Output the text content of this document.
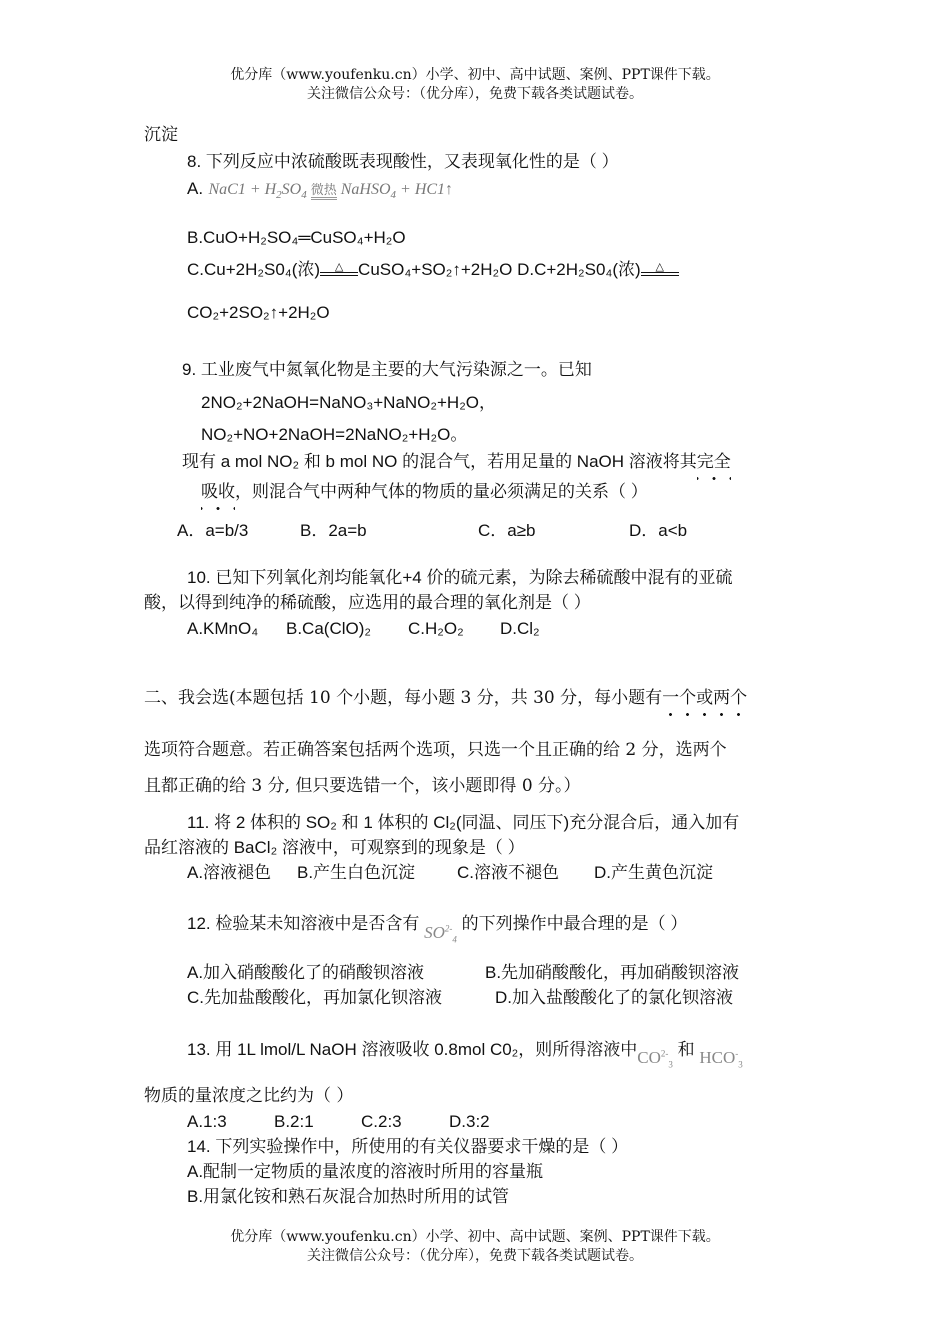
优分库（www.youfenku.cn）小学、初中、高中试题、案例、PPT课件下载。
关注微信公众号：（优分库），免费下载各类试题试卷。
沉淀
8. 下列反应中浓硫酸既表现酸性，又表现氧化性的是（ ）
A. $NaC1 + H_2SO_4$ 微热 NaHSO$_4$ + HC1↑
B.CuO+H₂SO₄═CuSO₄+H₂O
C.Cu+2H₂S0₄(浓)	△ CuSO₄+SO₂↑+2H₂O D.C+2H₂S0₄(浓)	△
CO₂+2SO₂↑+2H₂O
9. 工业废气中氮氧化物是主要的大气污染源之一。已知
2NO₂+2NaOH=NaNO₃+NaNO₂+H₂O，
NO₂+NO+2NaOH=2NaNO₂+H₂O。
现有 a mol NO₂ 和 b mol NO 的混合气，若用足量的 NaOH 溶液将其完全
吸收，则混合气中两种气体的物质的量必须满足的关系（ ）
A．a=b/3	B．2a=b	C．a≥b	D．a<b
10. 已知下列氧化剂均能氧化+4 价的硫元素，为除去稀硫酸中混有的亚硫
酸，以得到纯净的稀硫酸，应选用的最合理的氧化剂是（ ）
A.KMnO₄ B.Ca(ClO)₂ C.H₂O₂ D.Cl₂
二、我会选(本题包括 10 个小题，每小题 3 分，共 30 分，每小题有一个或两个
选项符合题意。若正确答案包括两个选项，只选一个且正确的给 2 分，选两个
且都正确的给 3 分, 但只要选错一个，该小题即得 0 分。）
11. 将 2 体积的 SO₂ 和 1 体积的 Cl₂(同温、同压下)充分混合后，通入加有
品红溶液的 BaCl₂ 溶液中，可观察到的现象是（ ）
A.溶液褪色 B.产生白色沉淀 C.溶液不褪色 D.产生黄色沉淀
12. 检验某未知溶液中是否含有 $SO^{2-}_4$ 的下列操作中最合理的是（ ）
A.加入硝酸酸化了的硝酸钡溶液	B.先加硝酸酸化，再加硝酸钡溶液
C.先加盐酸酸化，再加氯化钡溶液	D.加入盐酸酸化了的氯化钡溶液
13. 用 1L lmol/L NaOH 溶液吸收 0.8mol C0₂，则所得溶液中$CO^{2-}_3$ 和 $HCO^-_3$
物质的量浓度之比约为（ ）
A.1:3	B.2:1	C.2:3	D.3:2
14. 下列实验操作中，所使用的有关仪器要求干燥的是（ ）
A.配制一定物质的量浓度的溶液时所用的容量瓶
B.用氯化铵和熟石灰混合加热时所用的试管
优分库（www.youfenku.cn）小学、初中、高中试题、案例、PPT课件下载。
关注微信公众号：（优分库），免费下载各类试题试卷。
